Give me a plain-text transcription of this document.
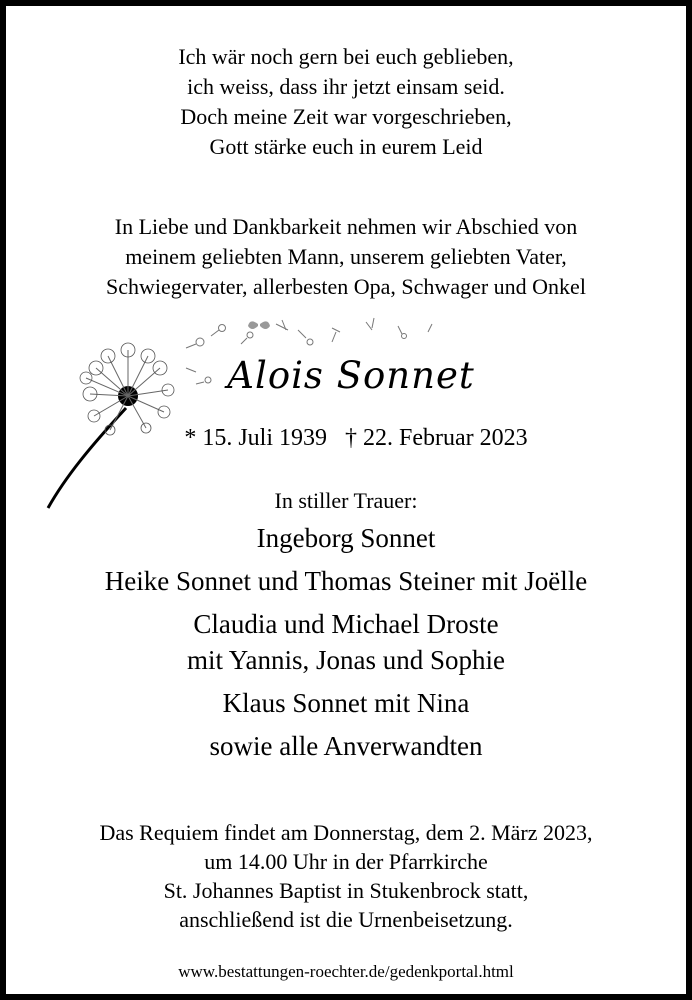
Ich wär noch gern bei euch geblieben,
ich weiss, dass ihr jetzt einsam seid.
Doch meine Zeit war vorgeschrieben,
Gott stärke euch in eurem Leid
In Liebe und Dankbarkeit nehmen wir Abschied von
meinem geliebten Mann, unserem geliebten Vater,
Schwiegervater, allerbesten Opa, Schwager und Onkel
Alois Sonnet
* 15. Juli 1939 † 22. Februar 2023
In stiller Trauer:
Ingeborg Sonnet
Heike Sonnet und Thomas Steiner mit Joëlle
Claudia und Michael Droste
mit Yannis, Jonas und Sophie
Klaus Sonnet mit Nina
sowie alle Anverwandten
Das Requiem findet am Donnerstag, dem 2. März 2023,
um 14.00 Uhr in der Pfarrkirche
St. Johannes Baptist in Stukenbrock statt,
anschließend ist die Urnenbeisetzung.
www.bestattungen-roechter.de/gedenkportal.html
